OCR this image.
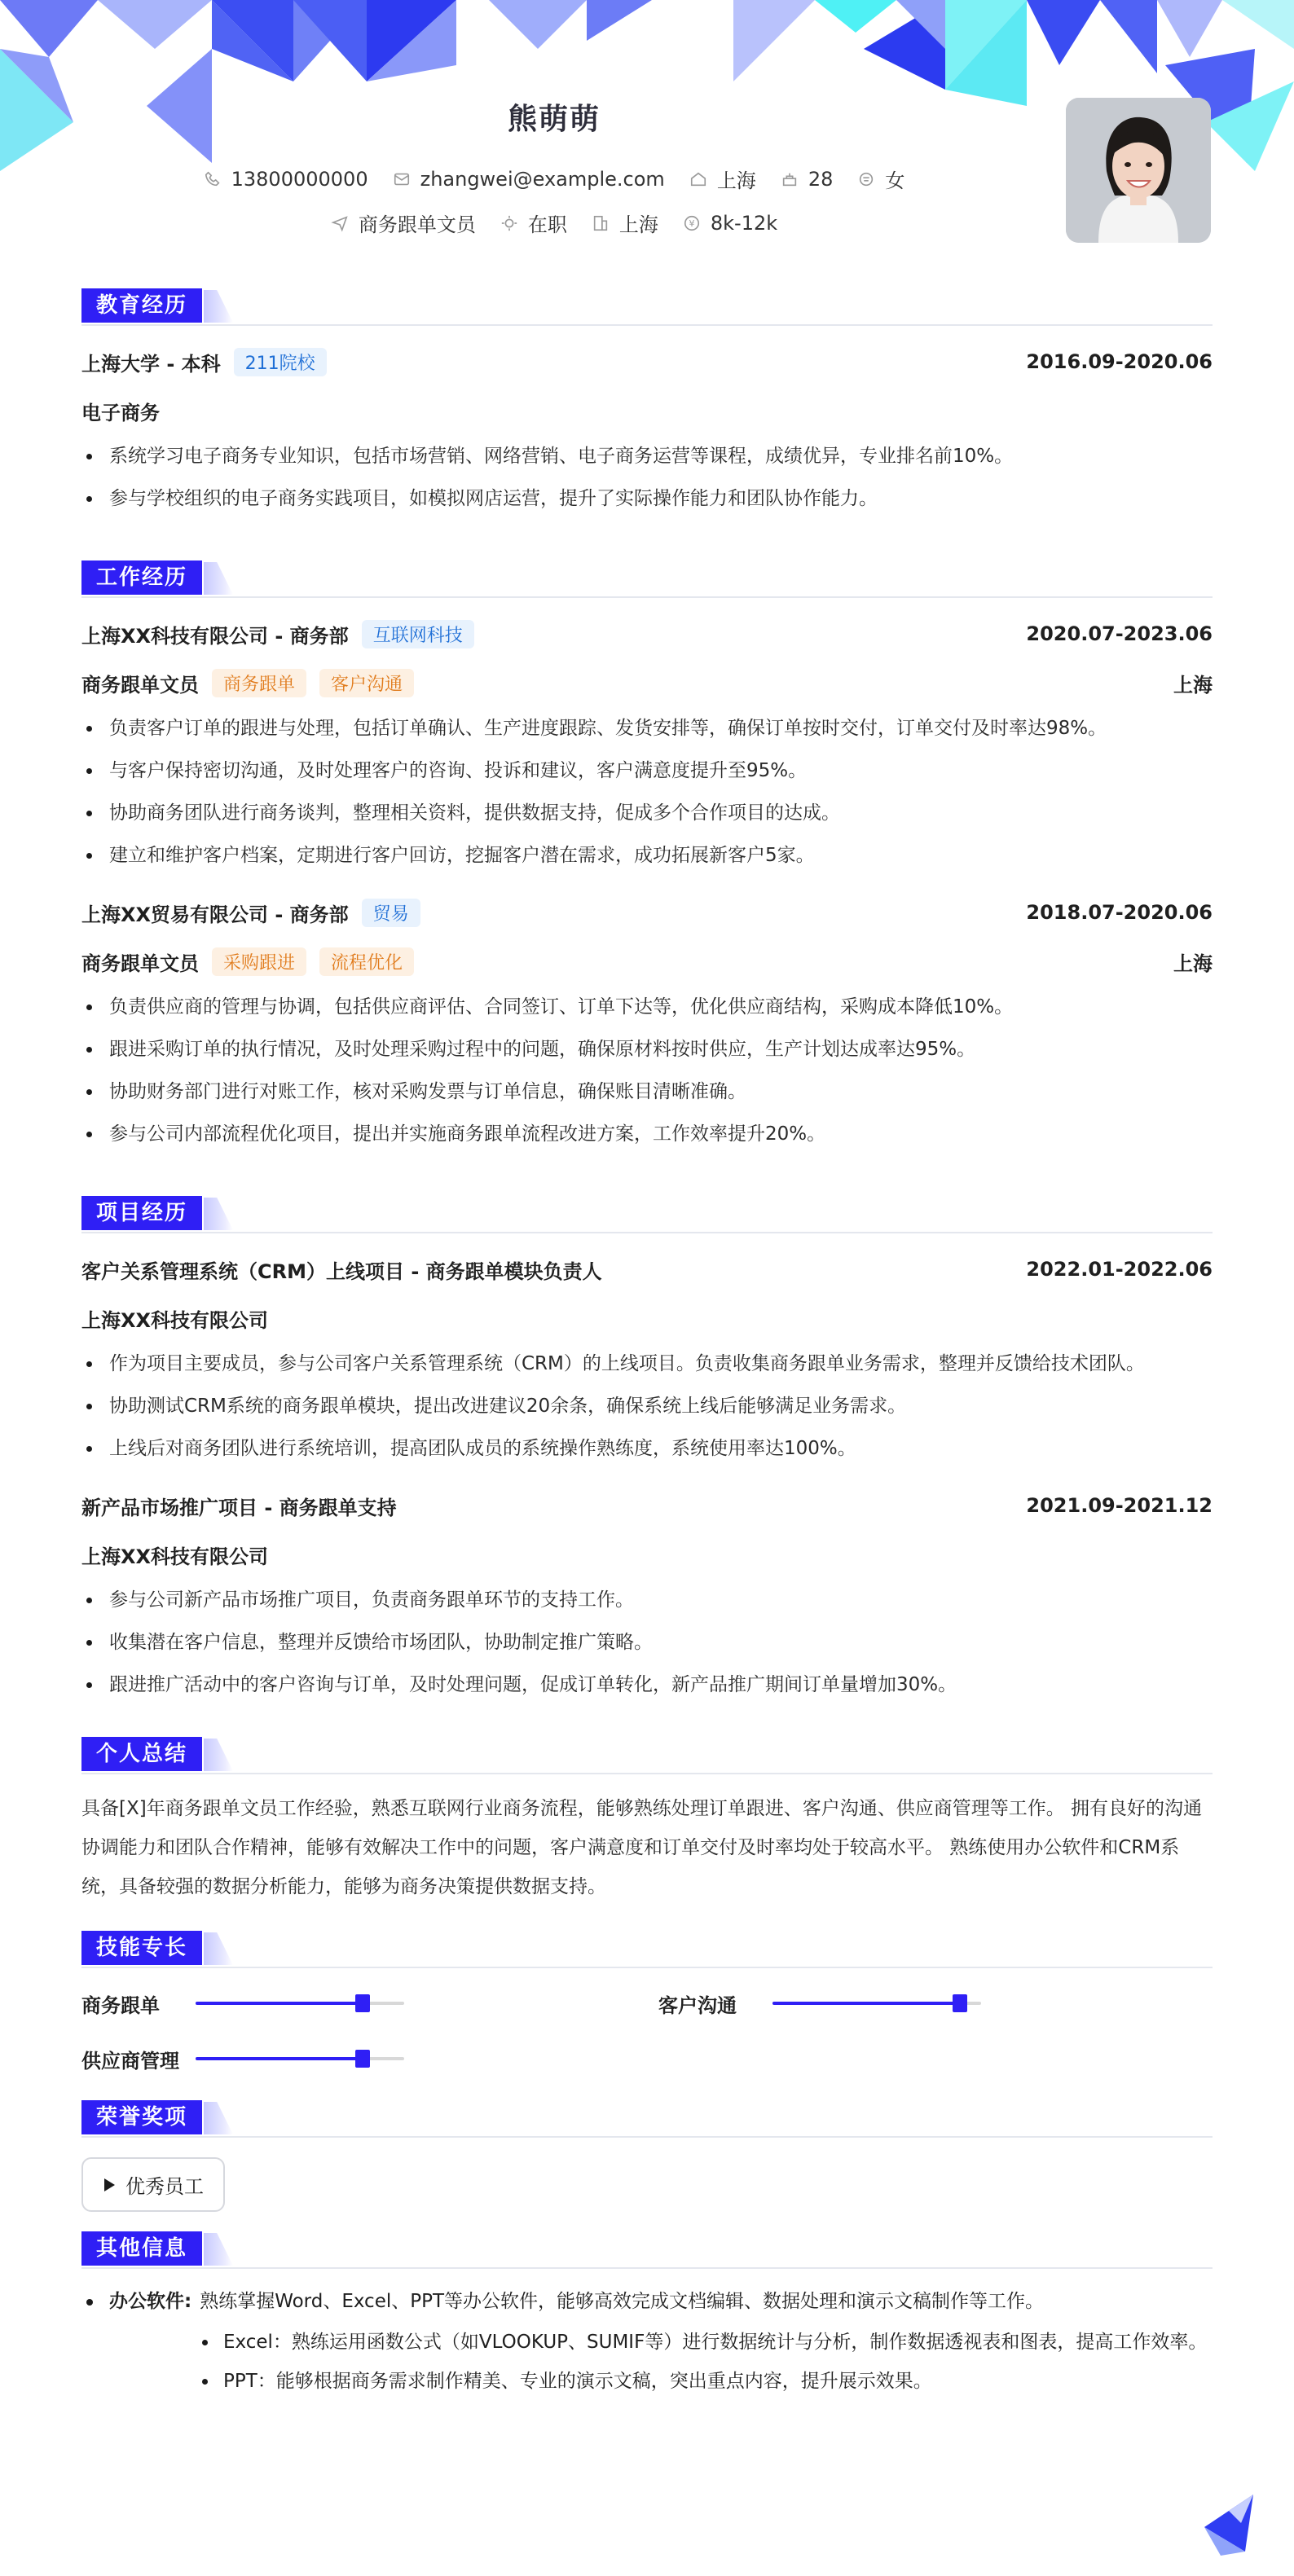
熊萌萌
13800000000	zhangwei@example.com	上海	28	女
商务跟单文员	在职	上海	¥ 8k-12k
教育经历
上海大学 - 本科	211院校	2016.09-2020.06
电子商务
系统学习电子商务专业知识，包括市场营销、网络营销、电子商务运营等课程，成绩优异，专业排名前10%。
参与学校组织的电子商务实践项目，如模拟网店运营，提升了实际操作能力和团队协作能力。
工作经历
上海XX科技有限公司 - 商务部	互联网科技	2020.07-2023.06
商务跟单文员	商务跟单	客户沟通	上海
负责客户订单的跟进与处理，包括订单确认、生产进度跟踪、发货安排等，确保订单按时交付，订单交付及时率达98%。
与客户保持密切沟通，及时处理客户的咨询、投诉和建议，客户满意度提升至95%。
协助商务团队进行商务谈判，整理相关资料，提供数据支持，促成多个合作项目的达成。
建立和维护客户档案，定期进行客户回访，挖掘客户潜在需求，成功拓展新客户5家。
上海XX贸易有限公司 - 商务部	贸易	2018.07-2020.06
商务跟单文员	采购跟进	流程优化	上海
负责供应商的管理与协调，包括供应商评估、合同签订、订单下达等，优化供应商结构，采购成本降低10%。
跟进采购订单的执行情况，及时处理采购过程中的问题，确保原材料按时供应，生产计划达成率达95%。
协助财务部门进行对账工作，核对采购发票与订单信息，确保账目清晰准确。
参与公司内部流程优化项目，提出并实施商务跟单流程改进方案，工作效率提升20%。
项目经历
客户关系管理系统（CRM）上线项目 - 商务跟单模块负责人	2022.01-2022.06
上海XX科技有限公司
作为项目主要成员，参与公司客户关系管理系统（CRM）的上线项目。负责收集商务跟单业务需求，整理并反馈给技术团队。
协助测试CRM系统的商务跟单模块，提出改进建议20余条，确保系统上线后能够满足业务需求。
上线后对商务团队进行系统培训，提高团队成员的系统操作熟练度，系统使用率达100%。
新产品市场推广项目 - 商务跟单支持	2021.09-2021.12
上海XX科技有限公司
参与公司新产品市场推广项目，负责商务跟单环节的支持工作。
收集潜在客户信息，整理并反馈给市场团队，协助制定推广策略。
跟进推广活动中的客户咨询与订单，及时处理问题，促成订单转化，新产品推广期间订单量增加30%。
个人总结
具备[X]年商务跟单文员工作经验，熟悉互联网行业商务流程，能够熟练处理订单跟进、客户沟通、供应商管理等工作。 拥有良好的沟通协调能力和团队合作精神，能够有效解决工作中的问题，客户满意度和订单交付及时率均处于较高水平。 熟练使用办公软件和CRM系统，具备较强的数据分析能力，能够为商务决策提供数据支持。
技能专长
商务跟单	客户沟通
供应商管理
荣誉奖项
优秀员工
其他信息
办公软件: 熟练掌握Word、Excel、PPT等办公软件，能够高效完成文档编辑、数据处理和演示文稿制作等工作。
Excel：熟练运用函数公式（如VLOOKUP、SUMIF等）进行数据统计与分析，制作数据透视表和图表，提高工作效率。
PPT：能够根据商务需求制作精美、专业的演示文稿，突出重点内容，提升展示效果。
